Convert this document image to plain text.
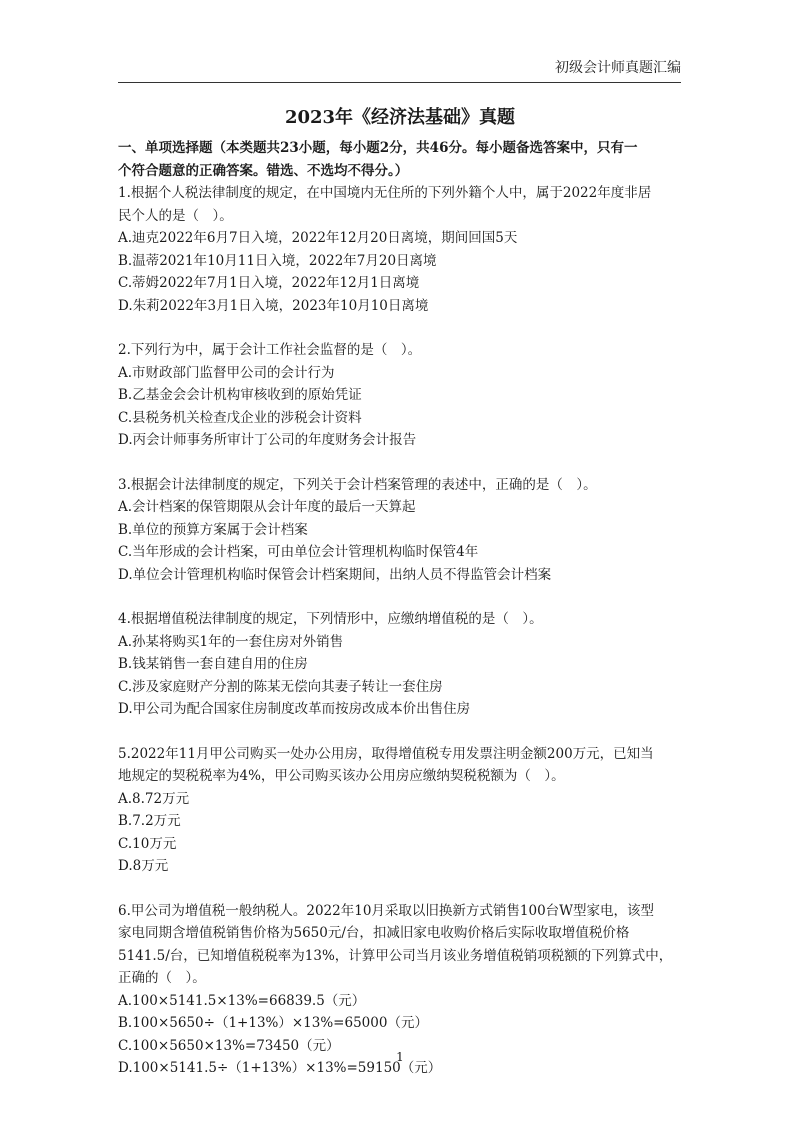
初级会计师真题汇编
2023年《经济法基础》真题
一、单项选择题（本类题共23小题，每小题2分，共46分。每小题备选答案中，只有一
个符合题意的正确答案。错选、不选均不得分。）
1.根据个人税法律制度的规定，在中国境内无住所的下列外籍个人中，属于2022年度非居
民个人的是（　）。
A.迪克2022年6月7日入境，2022年12月20日离境，期间回国5天
B.温蒂2021年10月11日入境，2022年7月20日离境
C.蒂姆2022年7月1日入境，2022年12月1日离境
D.朱莉2022年3月1日入境，2023年10月10日离境
2.下列行为中，属于会计工作社会监督的是（　）。
A.市财政部门监督甲公司的会计行为
B.乙基金会会计机构审核收到的原始凭证
C.县税务机关检查戊企业的涉税会计资料
D.丙会计师事务所审计丁公司的年度财务会计报告
3.根据会计法律制度的规定，下列关于会计档案管理的表述中，正确的是（　）。
A.会计档案的保管期限从会计年度的最后一天算起
B.单位的预算方案属于会计档案
C.当年形成的会计档案，可由单位会计管理机构临时保管4年
D.单位会计管理机构临时保管会计档案期间，出纳人员不得监管会计档案
4.根据增值税法律制度的规定，下列情形中，应缴纳增值税的是（　）。
A.孙某将购买1年的一套住房对外销售
B.钱某销售一套自建自用的住房
C.涉及家庭财产分割的陈某无偿向其妻子转让一套住房
D.甲公司为配合国家住房制度改革而按房改成本价出售住房
5.2022年11月甲公司购买一处办公用房，取得增值税专用发票注明金额200万元，已知当
地规定的契税税率为4%，甲公司购买该办公用房应缴纳契税税额为（　）。
A.8.72万元
B.7.2万元
C.10万元
D.8万元
6.甲公司为增值税一般纳税人。2022年10月采取以旧换新方式销售100台W型家电，该型
家电同期含增值税销售价格为5650元/台，扣减旧家电收购价格后实际收取增值税价格
5141.5/台，已知增值税税率为13%，计算甲公司当月该业务增值税销项税额的下列算式中，
正确的（　）。
A.100×5141.5×13%=66839.5（元）
B.100×5650÷（1+13%）×13%=65000（元）
C.100×5650×13%=73450（元）
D.100×5141.5÷（1+13%）×13%=59150（元）
1
